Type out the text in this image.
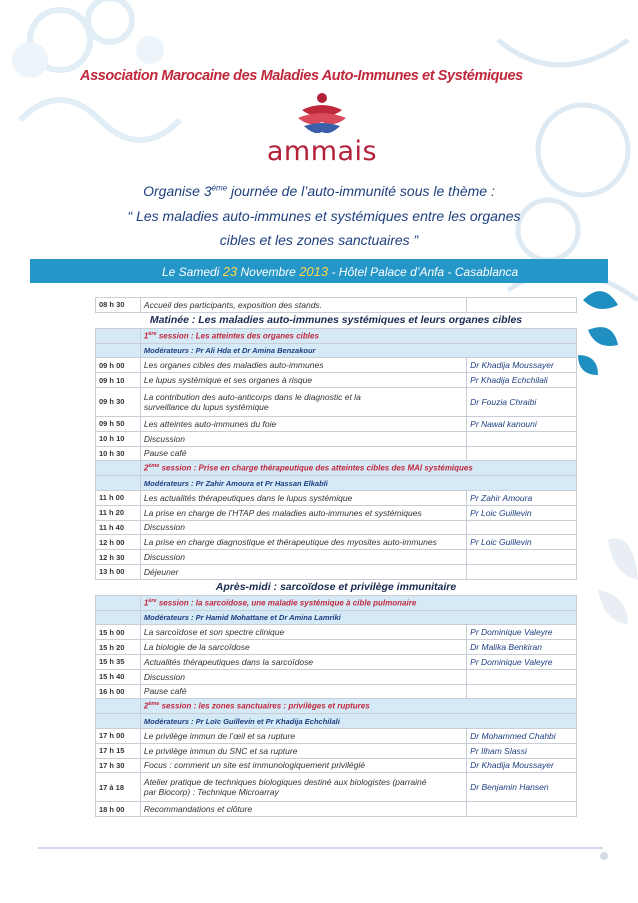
Association Marocaine des Maladies Auto-Immunes et Systémiques
ammais
Organise 3ème journée de l’auto-immunité sous le thème :
“ Les maladies auto-immunes et systémiques entre les organes
cibles et les zones sanctuaires ”
Le Samedi 23 Novembre 2013 - Hôtel Palace d’Anfa - Casablanca
08 h 30	Accueil des participants, exposition des stands.	
Matinée : Les maladies auto-immunes systémiques et leurs organes cibles		
	1ère session : Les atteintes des organes cibles	
	Modérateurs : Pr Ali Hda et Dr Amina Benzakour	
09 h 00	Les organes cibles des maladies auto-immunes	Dr Khadija Moussayer
09 h 10	Le lupus systémique et ses organes à risque	Pr Khadija Echchilali
09 h 30	La contribution des auto-anticorps dans le diagnostic et la
surveillance du lupus systémique	Dr Fouzia Chraibi
09 h 50	Les atteintes auto-immunes du foie	Pr Nawal kanouni
10 h 10	Discussion	
10 h 30	Pause café	
	2ème session : Prise en charge thérapeutique des atteintes cibles des MAI systémiques	
	Modérateurs : Pr Zahir Amoura et Pr Hassan Elkabli	
11 h 00	Les actualités thérapeutiques dans le lupus systémique	Pr Zahir Amoura
11 h 20	La prise en charge de l’HTAP des maladies auto-immunes et systémiques	Pr Loic Guillevin
11 h 40	Discussion	
12 h 00	La prise en charge diagnostique et thérapeutique des myosites auto-immunes	Pr Loic Guillevin
12 h 30	Discussion	
13 h 00	Déjeuner	
Après-midi : sarcoïdose et privilège immunitaire		
	1ère session : la sarcoïdose, une maladie systémique à cible pulmonaire	
	Modérateurs : Pr Hamid Mohattane et Dr Amina Lamriki	
15 h 00	La sarcoïdose et son spectre clinique	Pr Dominique Valeyre
15 h 20	La biologie de la sarcoïdose	Dr Malika Benkiran
15 h 35	Actualités thérapeutiques dans la sarcoïdose	Pr Dominique Valeyre
15 h 40	Discussion	
16 h 00	Pause café	
	2ème session : les zones sanctuaires : privilèges et ruptures	
	Modérateurs : Pr Loïc Guillevin et Pr Khadija Echchilali	
17 h 00	Le privilège immun de l’œil et sa rupture	Dr Mohammed Chahbi
17 h 15	Le privilège immun du SNC et sa rupture	Pr Ilham Slassi
17 h 30	Focus : comment un site est immunologiquement privilégié	Dr Khadija Moussayer
17 à 18	Atelier pratique de techniques biologiques destiné aux biologistes (parrainé
par Biocorp) : Technique Microarray	Dr Benjamin Hansen
18 h 00	Recommandations et clôture	
